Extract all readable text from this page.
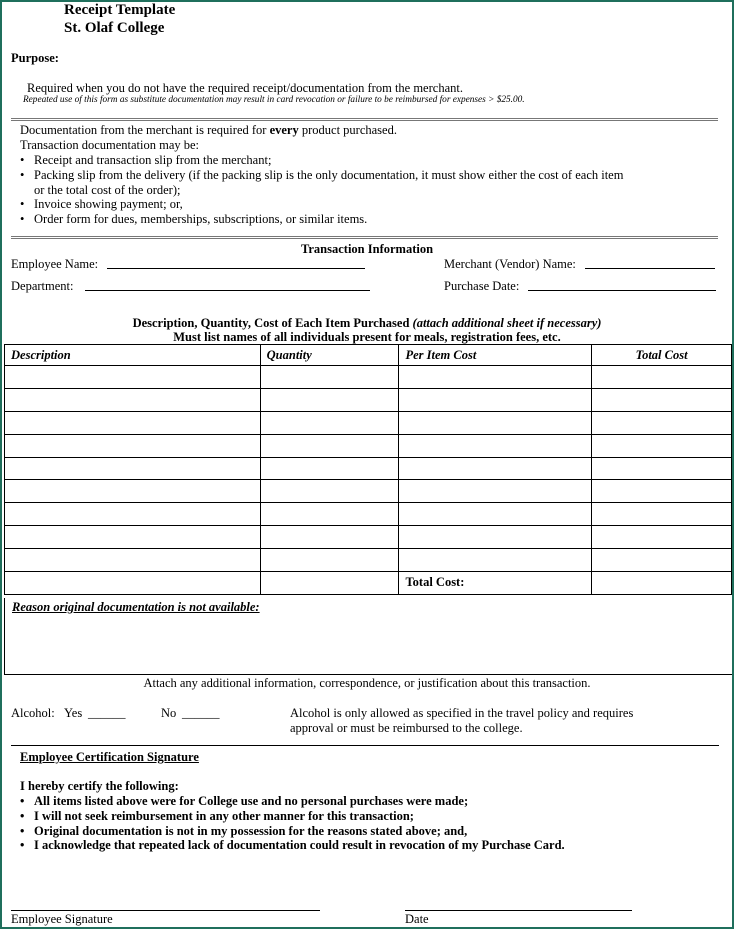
Receipt Template
St. Olaf College
Purpose:
Required when you do not have the required receipt/documentation from the merchant.
Repeated use of this form as substitute documentation may result in card revocation or failure to be reimbursed for expenses > $25.00.
Documentation from the merchant is required for every product purchased.
Transaction documentation may be:
• Receipt and transaction slip from the merchant;
• Packing slip from the delivery (if the packing slip is the only documentation, it must show either the cost of each item
or the total cost of the order);
• Invoice showing payment; or,
• Order form for dues, memberships, subscriptions, or similar items.
Transaction Information
Employee Name:	Merchant (Vendor) Name:
Department:	Purchase Date:
Description, Quantity, Cost of Each Item Purchased (attach additional sheet if necessary)
Must list names of all individuals present for meals, registration fees, etc.
Description	Quantity	Per Item Cost	Total Cost

		Total Cost:	
Reason original documentation is not available:
Attach any additional information, correspondence, or justification about this transaction.
Alcohol: Yes ______	No ______	Alcohol is only allowed as specified in the travel policy and requires
approval or must be reimbursed to the college.
Employee Certification Signature
I hereby certify the following:
• All items listed above were for College use and no personal purchases were made;
• I will not seek reimbursement in any other manner for this transaction;
• Original documentation is not in my possession for the reasons stated above; and,
• I acknowledge that repeated lack of documentation could result in revocation of my Purchase Card.
Employee Signature	Date
